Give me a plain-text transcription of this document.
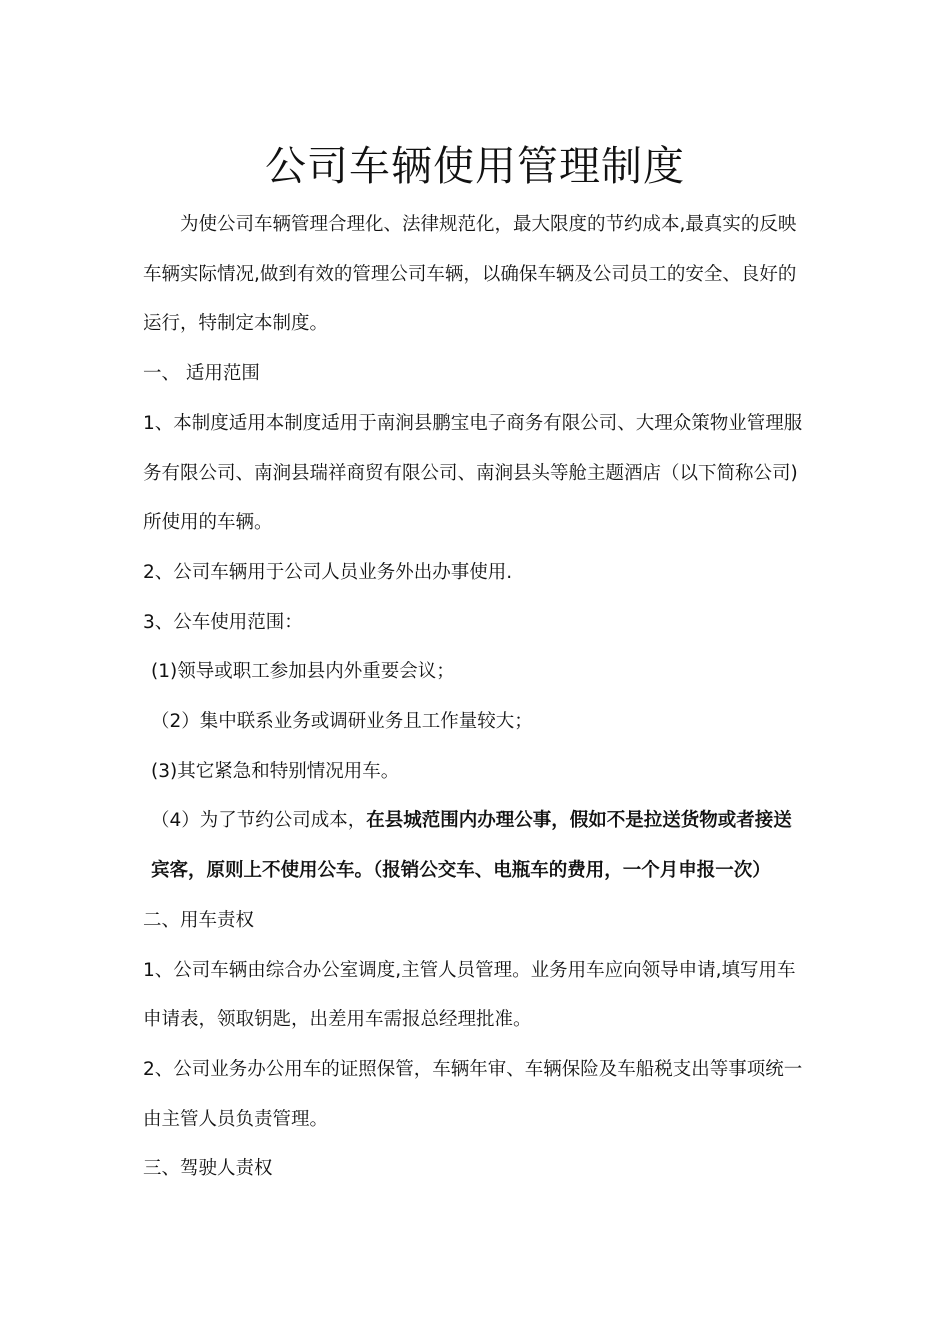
公司车辆使用管理制度

为使公司车辆管理合理化、法律规范化，最大限度的节约成本,最真实的反映车辆实际情况,做到有效的管理公司车辆，以确保车辆及公司员工的安全、良好的运行，特制定本制度。

一、 适用范围

1、本制度适用本制度适用于南涧县鹏宝电子商务有限公司、大理众策物业管理服务有限公司、南涧县瑞祥商贸有限公司、南涧县头等舱主题酒店（以下简称公司)所使用的车辆。

2、公司车辆用于公司人员业务外出办事使用.

3、公车使用范围：

(1)领导或职工参加县内外重要会议；

（2）集中联系业务或调研业务且工作量较大；

(3)其它紧急和特别情况用车。

（4）为了节约公司成本，在县城范围内办理公事，假如不是拉送货物或者接送宾客，原则上不使用公车。（报销公交车、电瓶车的费用，一个月申报一次）

二、用车责权

1、公司车辆由综合办公室调度,主管人员管理。业务用车应向领导申请,填写用车申请表，领取钥匙，出差用车需报总经理批准。

2、公司业务办公用车的证照保管，车辆年审、车辆保险及车船税支出等事项统一由主管人员负责管理。

三、驾驶人责权
